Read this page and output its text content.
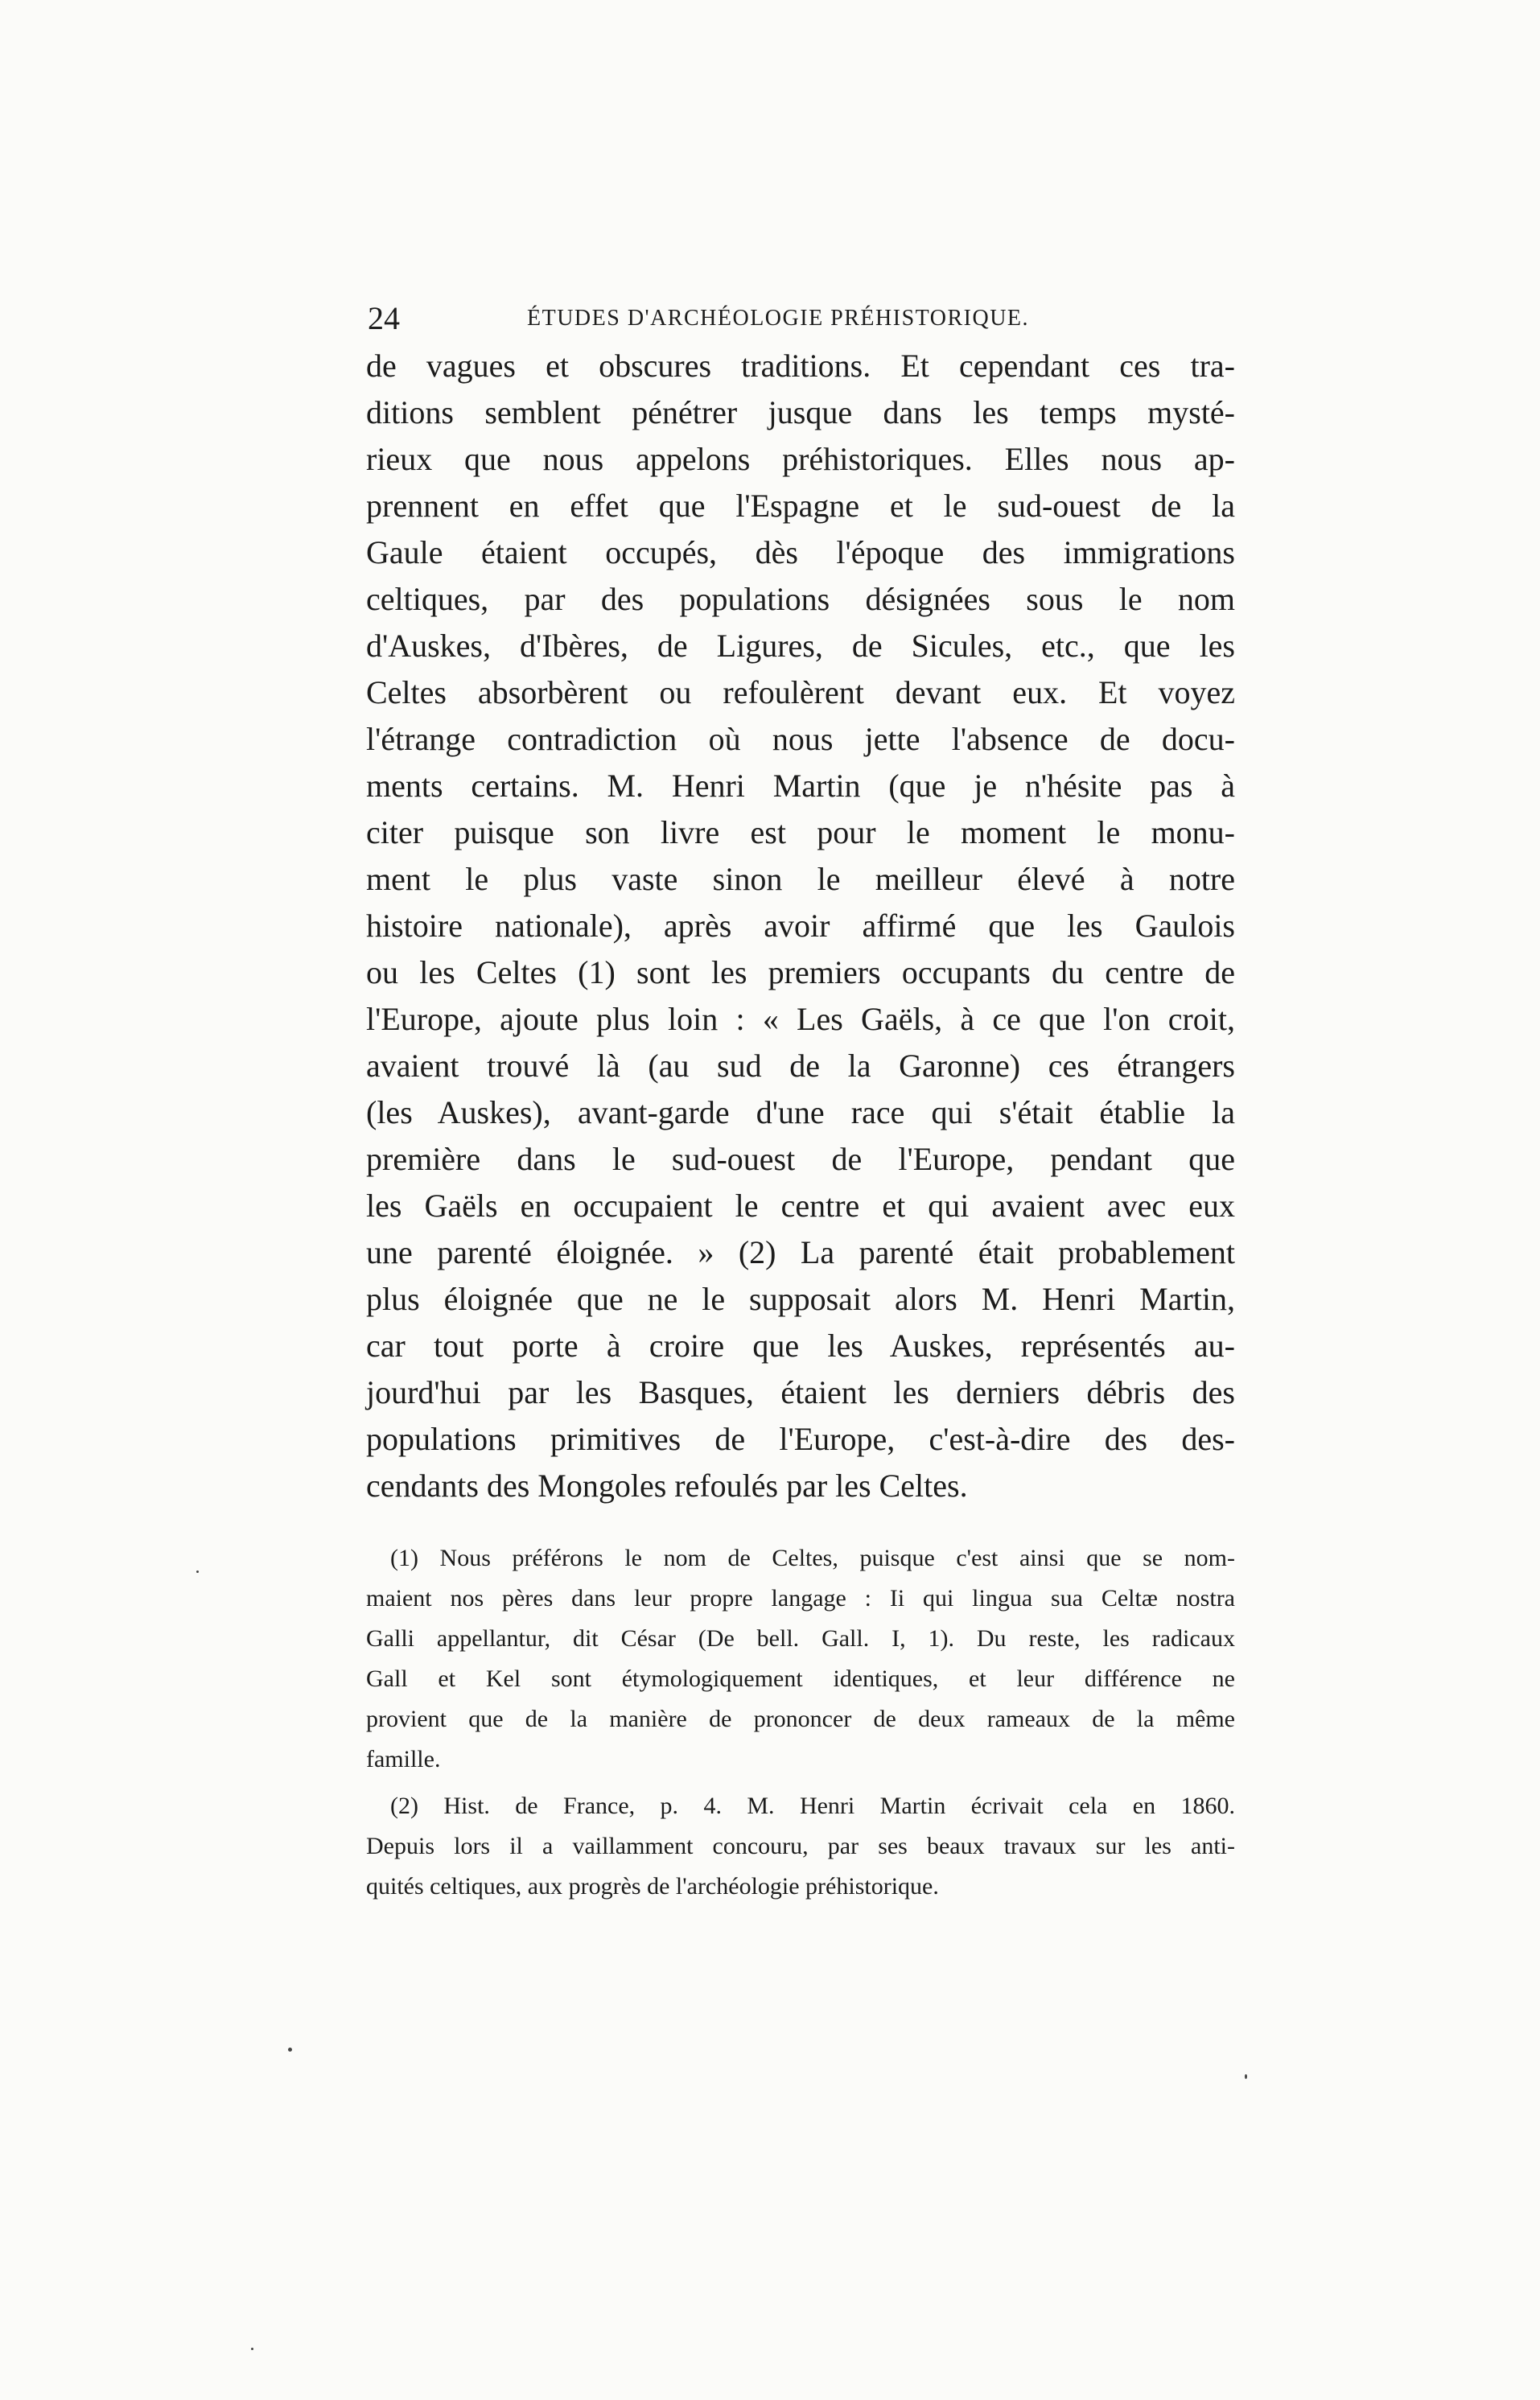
24	ÉTUDES D'ARCHÉOLOGIE PRÉHISTORIQUE.
de vagues et obscures traditions. Et cependant ces tra-
ditions semblent pénétrer jusque dans les temps mysté-
rieux que nous appelons préhistoriques. Elles nous ap-
prennent en effet que l'Espagne et le sud-ouest de la
Gaule étaient occupés, dès l'époque des immigrations
celtiques, par des populations désignées sous le nom
d'Auskes, d'Ibères, de Ligures, de Sicules, etc., que les
Celtes absorbèrent ou refoulèrent devant eux. Et voyez
l'étrange contradiction où nous jette l'absence de docu-
ments certains. M. Henri Martin (que je n'hésite pas à
citer puisque son livre est pour le moment le monu-
ment le plus vaste sinon le meilleur élevé à notre
histoire nationale), après avoir affirmé que les Gaulois
ou les Celtes (1) sont les premiers occupants du centre de
l'Europe, ajoute plus loin : « Les Gaëls, à ce que l'on croit,
avaient trouvé là (au sud de la Garonne) ces étrangers
(les Auskes), avant-garde d'une race qui s'était établie la
première dans le sud-ouest de l'Europe, pendant que
les Gaëls en occupaient le centre et qui avaient avec eux
une parenté éloignée. » (2) La parenté était probablement
plus éloignée que ne le supposait alors M. Henri Martin,
car tout porte à croire que les Auskes, représentés au-
jourd'hui par les Basques, étaient les derniers débris des
populations primitives de l'Europe, c'est-à-dire des des-
cendants des Mongoles refoulés par les Celtes.
(1) Nous préférons le nom de Celtes, puisque c'est ainsi que se nom-
maient nos pères dans leur propre langage : Ii qui lingua sua Celtæ nostra
Galli appellantur, dit César (De bell. Gall. I, 1). Du reste, les radicaux
Gall et Kel sont étymologiquement identiques, et leur différence ne
provient que de la manière de prononcer de deux rameaux de la même
famille.
(2) Hist. de France, p. 4. M. Henri Martin écrivait cela en 1860.
Depuis lors il a vaillamment concouru, par ses beaux travaux sur les anti-
quités celtiques, aux progrès de l'archéologie préhistorique.
